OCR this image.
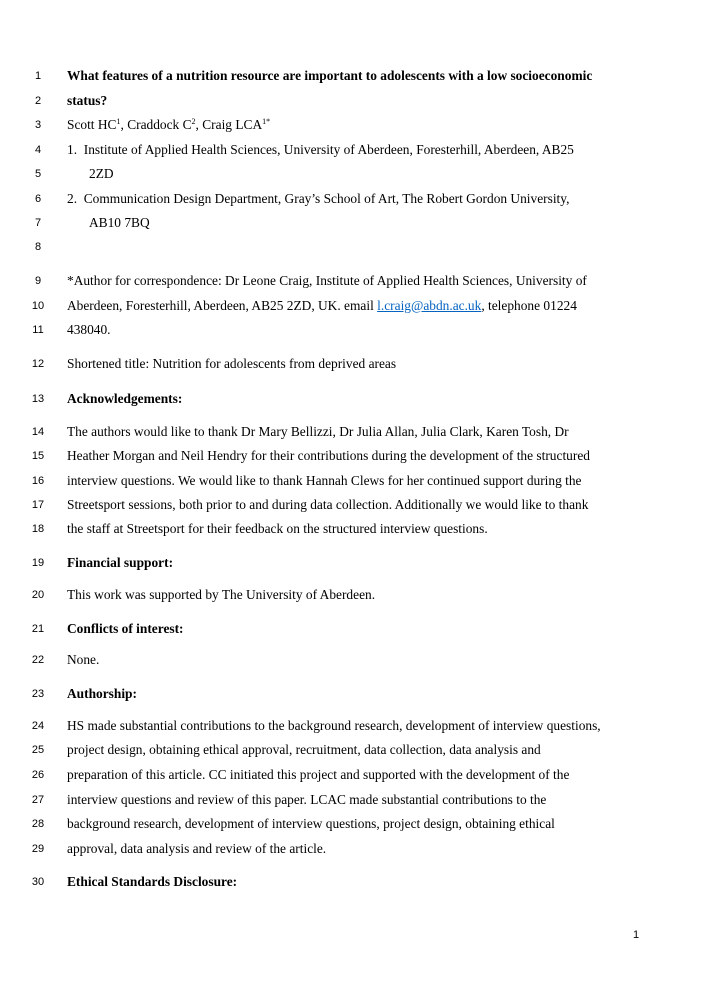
1	What features of a nutrition resource are important to adolescents with a low socioeconomic
2	status?
3	Scott $HC^1$, Craddock $C^2$, Craig $LCA^{1*}$
4	1.  Institute of Applied Health Sciences, University of Aberdeen, Foresterhill, Aberdeen, AB25
5	2ZD
6	2.  Communication Design Department, Gray’s School of Art, The Robert Gordon University,
7	AB10 7BQ
8
9	*Author for correspondence: Dr Leone Craig, Institute of Applied Health Sciences, University of
10 Aberdeen, Foresterhill, Aberdeen, AB25 2ZD, UK. email l.craig@abdn.ac.uk, telephone 01224
11	438040.
12 Shortened title: Nutrition for adolescents from deprived areas
13 Acknowledgements:
14 The authors would like to thank Dr Mary Bellizzi, Dr Julia Allan, Julia Clark, Karen Tosh, Dr
15 Heather Morgan and Neil Hendry for their contributions during the development of the structured
16 interview questions. We would like to thank Hannah Clews for her continued support during the
17 Streetsport sessions, both prior to and during data collection. Additionally we would like to thank
18 the staff at Streetsport for their feedback on the structured interview questions.
19 Financial support:
20 This work was supported by The University of Aberdeen.
21 Conflicts of interest:
22 None.
23 Authorship:
24 HS made substantial contributions to the background research, development of interview questions,
25 project design, obtaining ethical approval, recruitment, data collection, data analysis and
26 preparation of this article. CC initiated this project and supported with the development of the
27 interview questions and review of this paper. LCAC made substantial contributions to the
28 background research, development of interview questions, project design, obtaining ethical
29 approval, data analysis and review of the article.
30 Ethical Standards Disclosure:
1
